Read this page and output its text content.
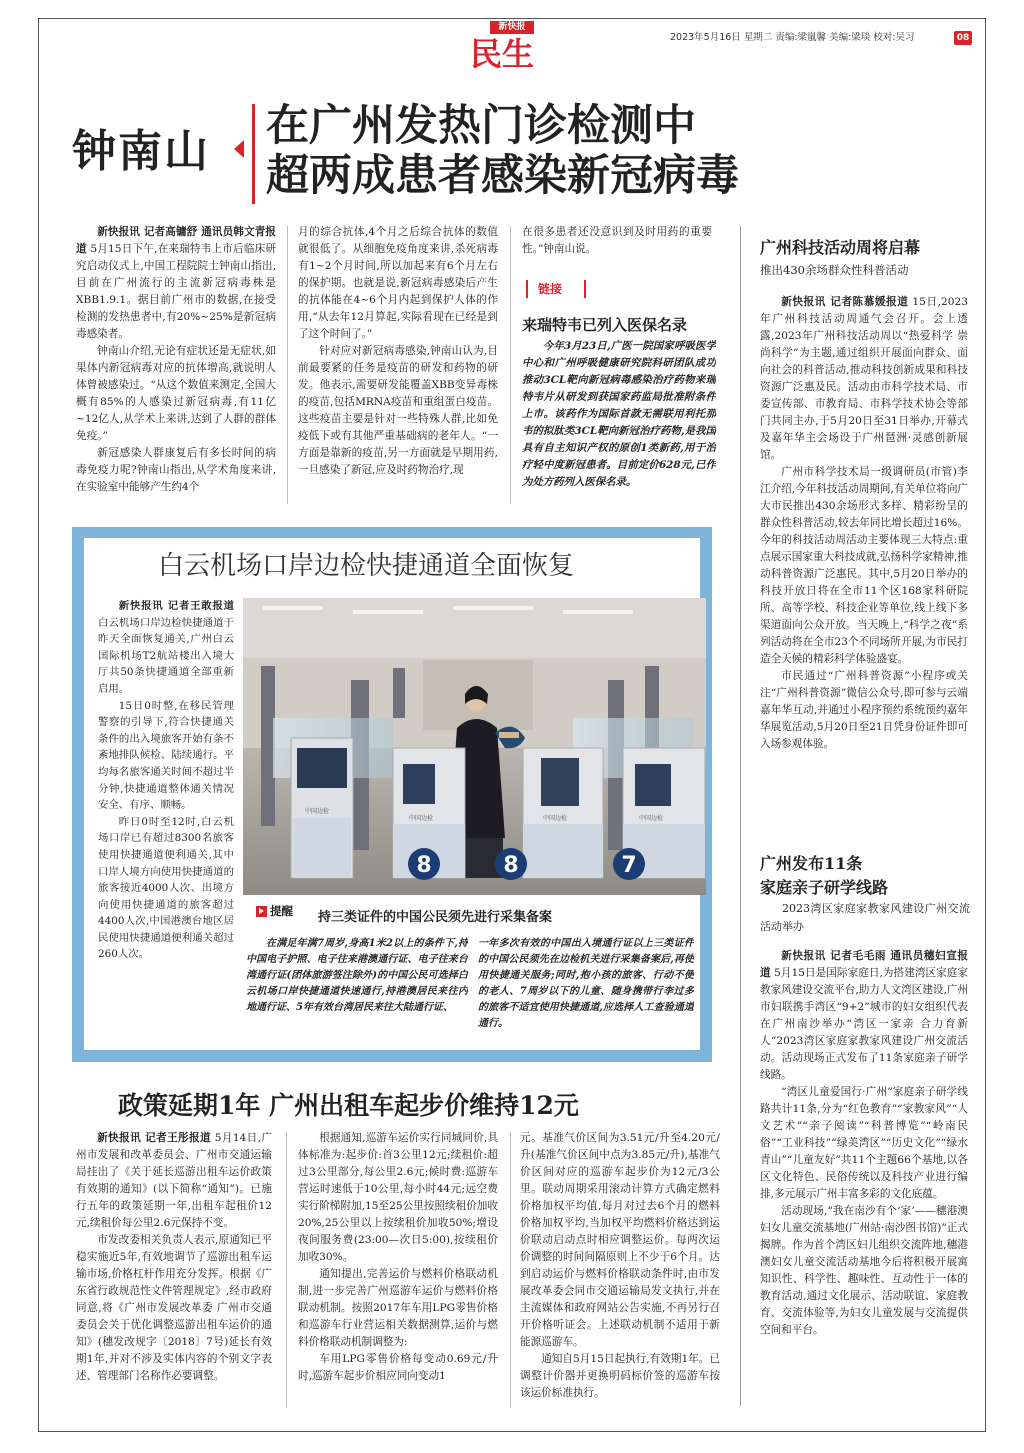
新快报
民生	2023年5月16日 星期二 责编:梁嵐馨 美编:梁琰 校对:吴习	08
钟南山 在广州发热门诊检测中
超两成患者感染新冠病毒

新快报讯 记者高镛舒 通讯员韩文青报道 5月15日下午,在来瑞特韦上市后临床研究启动仪式上,中国工程院院士钟南山指出,目前在广州流行的主流新冠病毒株是XBB1.9.1。据目前广州市的数据,在接受检测的发热患者中,有20%~25%是新冠病毒感染者。

钟南山介绍,无论有症状还是无症状,如果体内新冠病毒对应的抗体增高,就说明人体曾被感染过。“从这个数值来测定,全国大概有85%的人感染过新冠病毒,有11亿~12亿人,从学术上来讲,达到了人群的群体免疫。”

新冠感染人群康复后有多长时间的病毒免疫力呢?钟南山指出,从学术角度来讲,在实验室中能够产生约4个

月的综合抗体,4个月之后综合抗体的数值就很低了。从细胞免疫角度来讲,杀死病毒有1~2个月时间,所以加起来有6个月左右的保护期。也就是说,新冠病毒感染后产生的抗体能在4~6个月内起到保护人体的作用,“从去年12月算起,实际看现在已经是到了这个时间了。”

针对应对新冠病毒感染,钟南山认为,目前最要紧的任务是疫苗的研发和药物的研发。他表示,需要研发能覆盖XBB变异毒株的疫苗,包括MRNA疫苗和重组蛋白疫苗。这些疫苗主要是针对一些特殊人群,比如免疫低下或有其他严重基础病的老年人。“一方面是靠新的疫苗,另一方面就是早期用药,一旦感染了新冠,应及时药物治疗,现

在很多患者还没意识到及时用药的重要性。”钟南山说。

链接
来瑞特韦已列入医保名录

今年3月23日,广医一院国家呼吸医学中心和广州呼吸健康研究院科研团队成功推动3CL靶向新冠病毒感染治疗药物来瑞特韦片从研发到获国家药监局批准附条件上市。该药作为国际首款无需联用利托那韦的拟肽类3CL靶向新冠治疗药物,是我国具有自主知识产权的原创1类新药,用于治疗轻中度新冠患者。目前定价628元,已作为处方药列入医保名录。

广州科技活动周将启幕
推出430余场群众性科普活动

新快报讯 记者陈慕媛报道 15日,2023年广州科技活动周通气会召开。会上透露,2023年广州科技活动周以“热爱科学 崇尚科学”为主题,通过组织开展面向群众、面向社会的科普活动,推动科技创新成果和科技资源广泛惠及民。活动由市科学技术局、市委宣传部、市教育局、市科学技术协会等部门共同主办,于5月20日至31日举办,开幕式及嘉年华主会场设于广州琶洲·灵感创新展馆。

广州市科学技术局一级调研员(市管)李江介绍,今年科技活动周期间,有关单位将向广大市民推出430余场形式多样、精彩纷呈的群众性科普活动,较去年同比增长超过16%。今年的科技活动周活动主要体现三大特点:重点展示国家重大科技成就,弘扬科学家精神,推动科普资源广泛惠民。其中,5月20日举办的科技开放日将在全市11个区168家科研院所、高等学校、科技企业等单位,线上线下多渠道面向公众开放。当天晚上,“科学之夜”系列活动将在全市23个不同场所开展,为市民打造全天候的精彩科学体验盛宴。

市民通过“广州科普资源”小程序或关注“广州科普资源”微信公众号,即可参与云端嘉年华互动,并通过小程序预约系统预约嘉年华展览活动,5月20日至21日凭身份证件即可入场参观体验。

广州发布11条
家庭亲子研学线路

2023湾区家庭家教家风建设广州交流活动举办

新快报讯 记者毛毛雨 通讯员穗妇宣报道 5月15日是国际家庭日,为搭建湾区家庭家教家风建设交流平台,助力人文湾区建设,广州市妇联携手湾区“9+2”城市的妇女组织代表在广州南沙举办“湾区一家亲 合力育新人”2023湾区家庭家教家风建设广州交流活动。活动现场正式发布了11条家庭亲子研学线路。

“湾区儿童爱国行·广州”家庭亲子研学线路共计11条,分为“红色教育”“家教家风”“人文艺术”“亲子阅读”“科普博览”“岭南民俗”“工业科技”“绿美湾区”“历史文化”“绿水青山”“儿童友好”共11个主题66个基地,以各区文化特色、民俗传统以及科技产业进行编排,多元展示广州丰富多彩的文化底蕴。

活动现场,“我在南沙有个‘家’——穗港澳妇女儿童交流基地(广州站·南沙图书馆)”正式揭牌。作为首个湾区妇儿组织交流阵地,穗港澳妇女儿童交流活动基地今后将积极开展寓知识性、科学性、趣味性、互动性于一体的教育活动,通过文化展示、活动联谊、家庭教育、交流体验等,为妇女儿童发展与交流提供空间和平台。

白云机场口岸边检快捷通道全面恢复

新快报讯 记者王敢报道 白云机场口岸边检快捷通道于昨天全面恢复通关,广州白云国际机场T2航站楼出入境大厅共50条快捷通道全部重新启用。

15日0时整,在移民管理警察的引导下,符合快捷通关条件的出入境旅客开始有条不紊地排队候检、陆续通行。平均每名旅客通关时间不超过半分钟,快捷通道整体通关情况安全、有序、顺畅。

昨日0时至12时,白云机场口岸已有超过8300名旅客使用快捷通道便利通关,其中口岸人境方向使用快捷通道的旅客接近4000人次、出境方向使用快捷通道的旅客超过4400人次,中国港澳台地区居民使用快捷通道便利通关超过260人次。

中国边检
中国边检	中国边检	中国边检
8	8	7
提醒 持三类证件的中国公民须先进行采集备案

在满足年满7周岁,身高1米2以上的条件下,持中国电子护照、电子往来港澳通行证、电子往来台湾通行证(团体旅游签注除外)的中国公民可选择白云机场口岸快捷通道快速通行,持港澳居民来往内地通行证、5年有效台湾居民来往大陆通行证、

一年多次有效的中国出入境通行证以上三类证件的中国公民须先在边检机关进行采集备案后,再使用快捷通关服务;同时,抱小孩的旅客、行动不便的老人、7周岁以下的儿童、随身携带行李过多的旅客不适宜使用快捷通道,应选择人工查验通道通行。

政策延期1年 广州出租车起步价维持12元

新快报讯 记者王彤报道 5月14日,广州市发展和改革委员会、广州市交通运输局挂出了《关于延长巡游出租车运价政策有效期的通知》(以下简称“通知”)。已施行五年的政策延期一年,出租车起租价12元,续租价每公里2.6元保持不变。

市发改委相关负责人表示,原通知已平稳实施近5年,有效地调节了巡游出租车运输市场,价格杠杆作用充分发挥。根据《广东省行政规范性文件管理规定》,经市政府同意,将《广州市发展改革委 广州市交通委员会关于优化调整巡游出租车运价的通知》(穗发改规字〔2018〕7号)延长有效期1年,并对不涉及实体内容的个别文字表述、管理部门名称作必要调整。

根据通知,巡游车运价实行同城同价,具体标准为:起步价:首3公里12元;续租价:超过3公里部分,每公里2.6元;候时费:巡游车营运时速低于10公里,每小时44元;远空费实行阶梯附加,15至25公里按照续租价加收20%,25公里以上按续租价加收50%;增设夜间服务费(23:00—次日5:00),按续租价加收30%。

通知提出,完善运价与燃料价格联动机制,进一步完善广州巡游车运价与燃料价格联动机制。按照2017年车用LPG零售价格和巡游车行业营运相关数据测算,运价与燃料价格联动机制调整为:

车用LPG零售价格每变动0.69元/升时,巡游车起步价相应同向变动1

元。基准气价区间为3.51元/升至4.20元/升(基准气价区间中点为3.85元/升),基准气价区间对应的巡游车起步价为12元/3公里。联动周期采用滚动计算方式确定燃料价格加权平均值,每月对过去6个月的燃料价格加权平均,当加权平均燃料价格达到运价联动启动点时相应调整运价。每两次运价调整的时间间隔原则上不少于6个月。达到启动运价与燃料价格联动条件时,由市发展改革委会同市交通运输局发文执行,并在主流媒体和政府网站公告实施,不再另行召开价格听证会。上述联动机制不适用于新能源巡游车。

通知自5月15日起执行,有效期1年。已调整计价器并更换明码标价签的巡游车按该运价标准执行。
